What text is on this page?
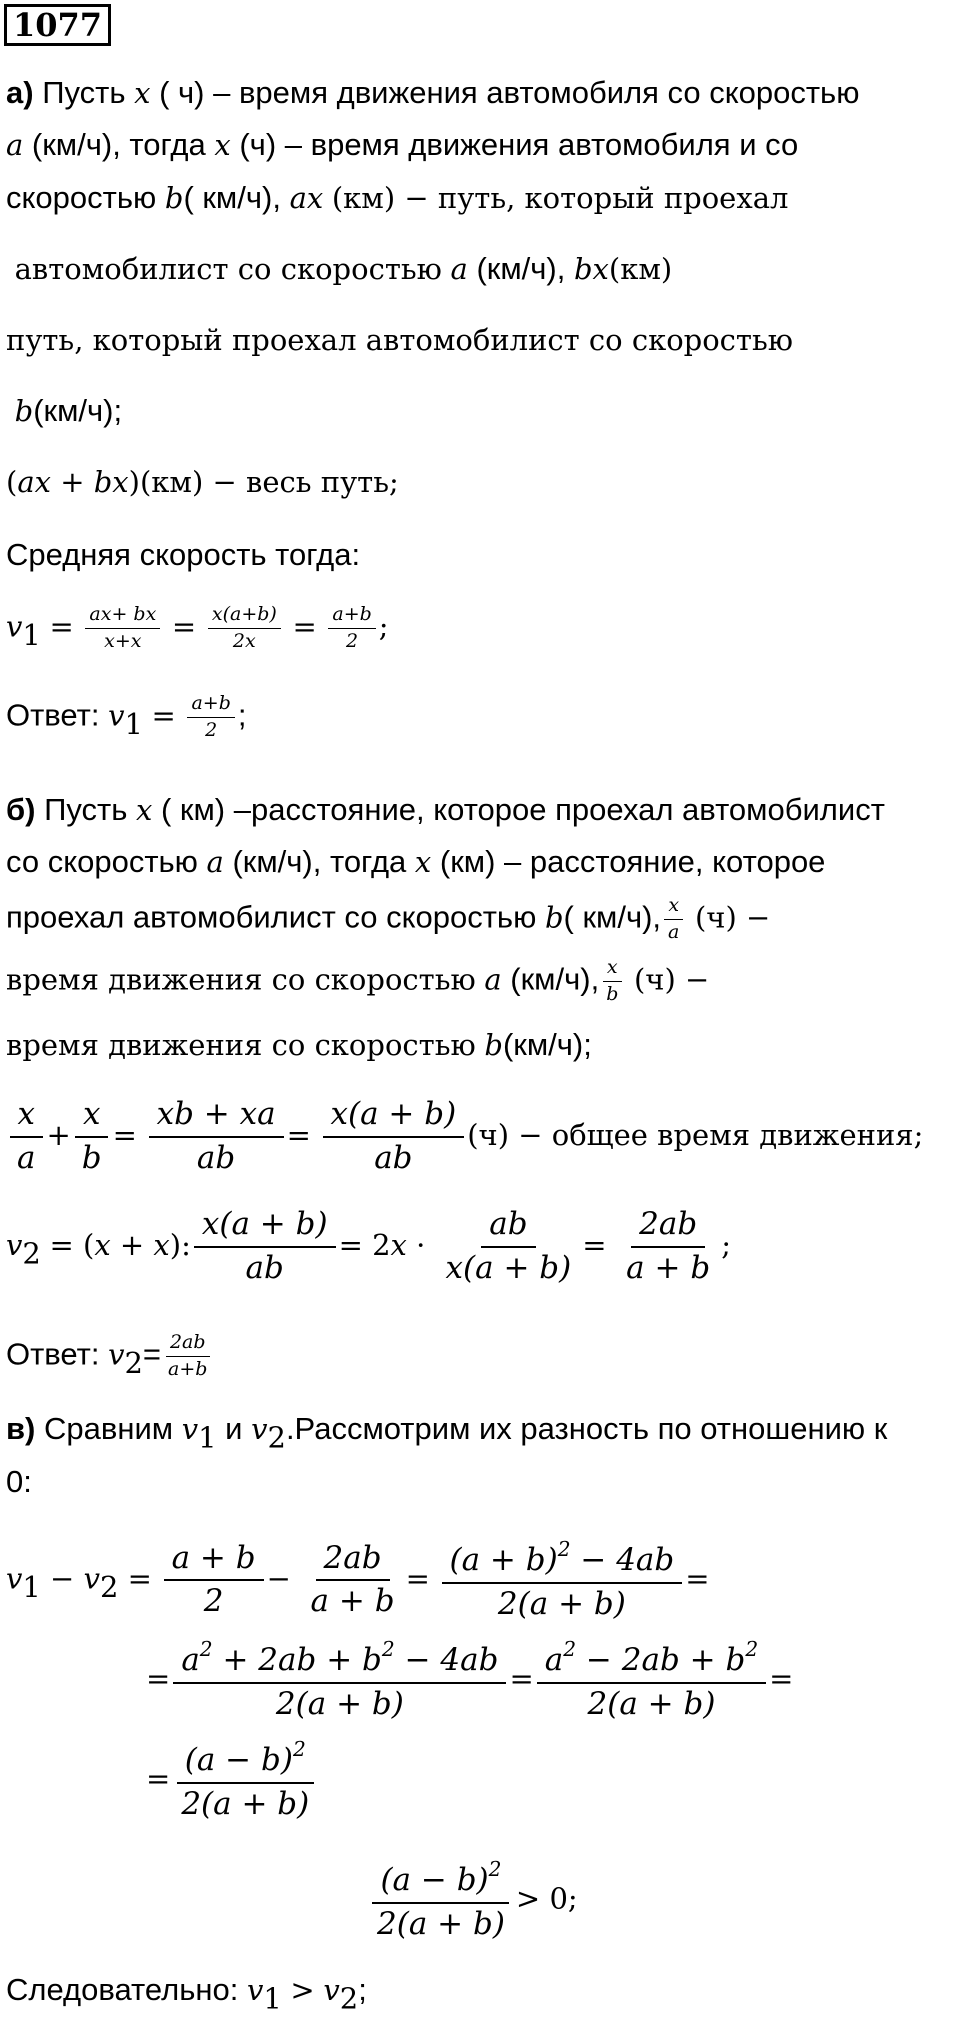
1077
а) Пусть x ( ч) – время движения автомобиля со скоростью
a (км/ч), тогда x (ч) – время движения автомобиля и со
скоростью b( км/ч), ax (км) − путь, который проехал
автомобилист со скоростью a (км/ч), bx(км)
путь, который проехал автомобилист со скоростью
b(км/ч);
(ax + bx)(км) − весь путь;
Средняя скорость тогда:
$v_1 = \frac{ax+ bx}{x+x} = \frac{x(a+b)}{2x} = \frac{a+b}{2}$ ;
Ответ: $v_1 = \frac{a+b}{2}$ ;
б) Пусть x ( км) –расстояние, которое проехал автомобилист
со скоростью a (км/ч), тогда x (км) – расстояние, которое
проехал автомобилист со скоростью b( км/ч), $\frac{x}{a} (ч)$ −
время движения со скоростью a (км/ч), $\frac{x}{b} (ч)$ −
время движения со скоростью b(км/ч);
$\frac{x}{a} + \frac{x}{b} = \frac{xb + xa}{ab} = \frac{x(a + b)}{ab} (ч)$ − общее время движения;
$v_2 = (x + x)$: $\frac{x(a + b)}{ab} = 2x \cdot \frac{ab}{x(a + b)} = \frac{2ab}{a + b}$ ;
Ответ: $v_2= \frac{2ab}{a+b}$
в) Сравним $v_1$ и $v_2.Рассмотрим$ их разность по отношению к
0:
$v_1 - v_2 = \frac{a + b}{2} - \frac{2ab}{a + b} = \frac{(a + b)^2 - 4ab}{2(a + b)}$ =
= $\frac{a^2 + 2ab + b^2 - 4ab}{2(a + b)} = \frac{a^2 - 2ab + b^2}{2(a + b)}$ =
= $\frac{(a - b)^2}{2(a + b)}$
$\frac{(a - b)^2}{2(a + b)} > 0$;
Следовательно: $v_1 > v_2$;
